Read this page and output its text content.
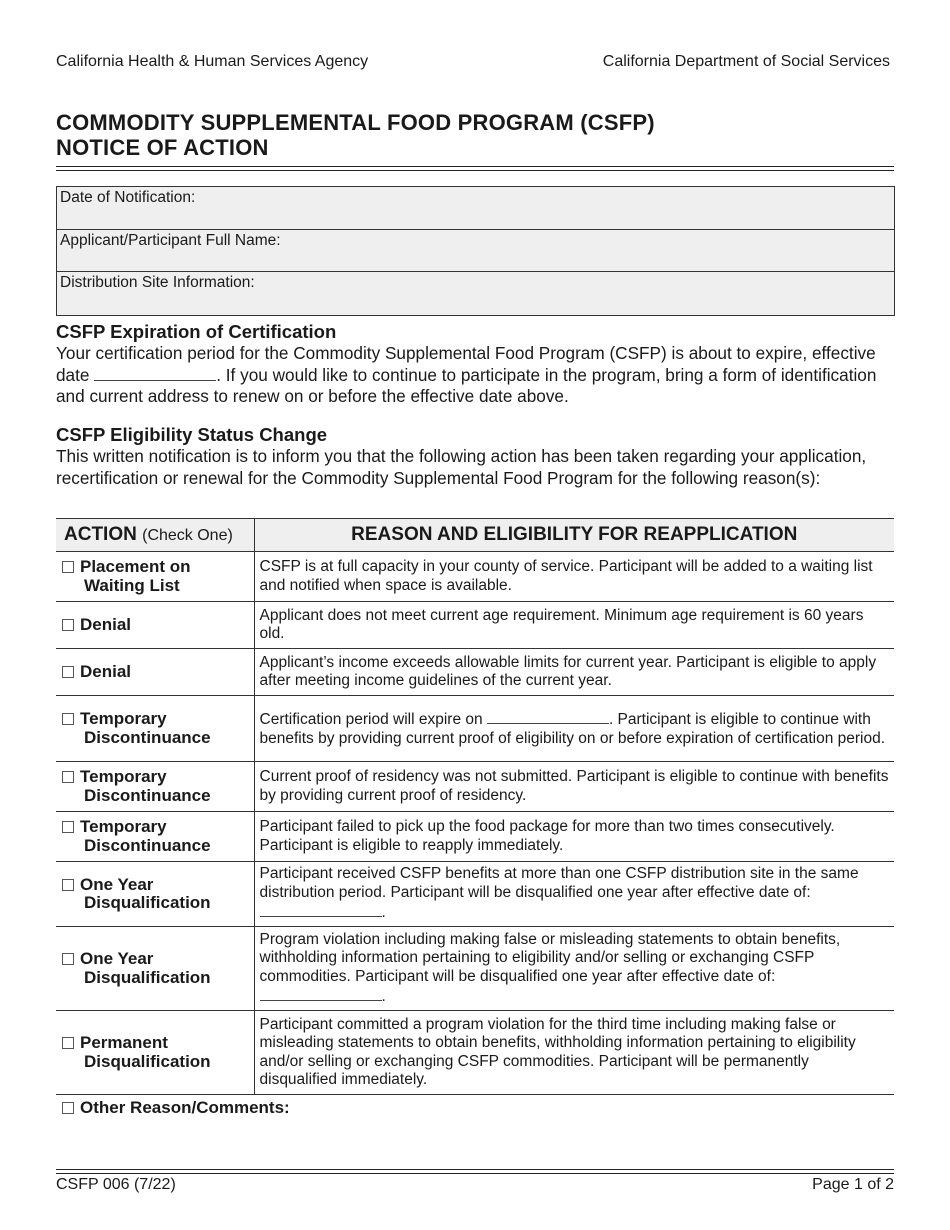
California Health & Human Services Agency	California Department of Social Services
COMMODITY SUPPLEMENTAL FOOD PROGRAM (CSFP)
NOTICE OF ACTION
Date of Notification:
Applicant/Participant Full Name:
Distribution Site Information:
CSFP Expiration of Certification

Your certification period for the Commodity Supplemental Food Program (CSFP) is about to expire, effective date	. If you would like to continue to participate in the program, bring a form of identification and current address to renew on or before the effective date above.

CSFP Eligibility Status Change

This written notification is to inform you that the following action has been taken regarding your application, recertification or renewal for the Commodity Supplemental Food Program for the following reason(s):

ACTION (Check One)	REASON AND ELIGIBILITY FOR REAPPLICATION
Placement on
Waiting List	CSFP is at full capacity in your county of service. Participant will be added to a waiting list and notified when space is available.
Denial	Applicant does not meet current age requirement. Minimum age requirement is 60 years old.
Denial	Applicant’s income exceeds allowable limits for current year. Participant is eligible to apply after meeting income guidelines of the current year.
Temporary
Discontinuance	Certification period will expire on . Participant is eligible to continue with benefits by providing current proof of eligibility on or before expiration of certification period.
Temporary
Discontinuance	Current proof of residency was not submitted. Participant is eligible to continue with benefits by providing current proof of residency.
Temporary
Discontinuance	Participant failed to pick up the food package for more than two times consecutively. Participant is eligible to reapply immediately.
One Year
Disqualification	Participant received CSFP benefits at more than one CSFP distribution site in the same distribution period. Participant will be disqualified one year after effective date of: .
One Year
Disqualification	Program violation including making false or misleading statements to obtain benefits, withholding information pertaining to eligibility and/or selling or exchanging CSFP commodities. Participant will be disqualified one year after effective date of: .
Permanent
Disqualification	Participant committed a program violation for the third time including making false or misleading statements to obtain benefits, withholding information pertaining to eligibility and/or selling or exchanging CSFP commodities. Participant will be permanently disqualified immediately.
Other Reason/Comments:
CSFP 006 (7/22)	Page 1 of 2
